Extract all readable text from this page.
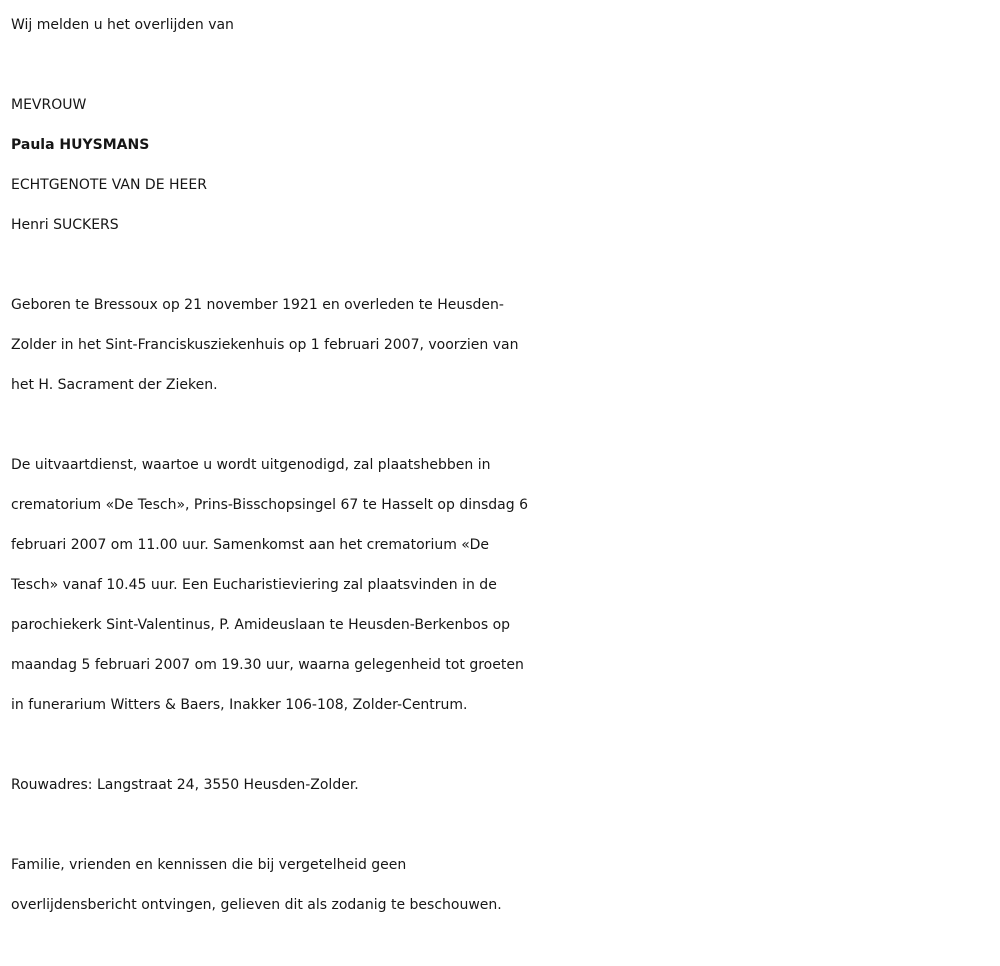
Wij melden u het overlijden van

MEVROUW

Paula HUYSMANS

ECHTGENOTE VAN DE HEER

Henri SUCKERS

Geboren te Bressoux op 21 november 1921 en overleden te Heusden-

Zolder in het Sint-Franciskusziekenhuis op 1 februari 2007, voorzien van

het H. Sacrament der Zieken.

De uitvaartdienst, waartoe u wordt uitgenodigd, zal plaatshebben in

crematorium «De Tesch», Prins-Bisschopsingel 67 te Hasselt op dinsdag 6

februari 2007 om 11.00 uur. Samenkomst aan het crematorium «De

Tesch» vanaf 10.45 uur. Een Eucharistieviering zal plaatsvinden in de

parochiekerk Sint-Valentinus, P. Amideuslaan te Heusden-Berkenbos op

maandag 5 februari 2007 om 19.30 uur, waarna gelegenheid tot groeten

in funerarium Witters & Baers, Inakker 106-108, Zolder-Centrum.

Rouwadres: Langstraat 24, 3550 Heusden-Zolder.

Familie, vrienden en kennissen die bij vergetelheid geen

overlijdensbericht ontvingen, gelieven dit als zodanig te beschouwen.
